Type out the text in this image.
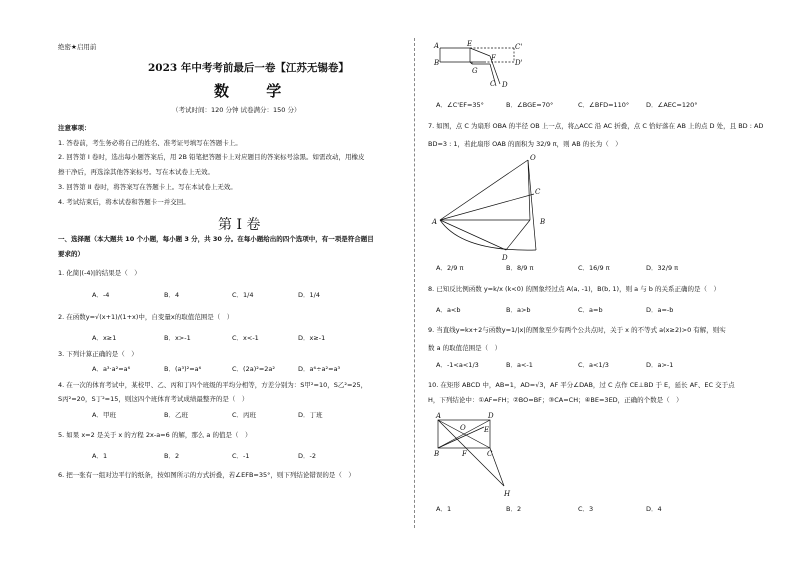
绝密★启用前
2023 年中考考前最后一卷【江苏无锡卷】
数 学
（考试时间：120 分钟 试卷满分：150 分）
注意事项：
1. 答卷前，考生务必将自己的姓名、准考证号填写在答题卡上。
2. 回答第 I 卷时，选出每小题答案后，用 2B 铅笔把答题卡上对应题目的答案标号涂黑。如需改动，用橡皮
擦干净后，再选涂其他答案标号。写在本试卷上无效。
3. 回答第 II 卷时，将答案写在答题卡上。写在本试卷上无效。
4. 考试结束后，将本试卷和答题卡一并交回。
第 I 卷
一、选择题（本大题共 10 个小题，每小题 3 分，共 30 分。在每小题给出的四个选项中，有一项是符合题目
要求的）
1. 化简|(-4)|的结果是（　）
A．-4	B．4	C．1/4	D．1/4
2. 在函数y=√(x+1)/(1+x)中，自变量x的取值范围是（　）
A．x≥1	B．x>-1	C．x<-1	D．x≥-1
3. 下列计算正确的是（　）
A．a³·a²=a⁶	B．(a³)²=a⁶	C．(2a)²=2a²	D．a⁶÷a²=a³
4. 在一次的体育考试中，某校甲、乙、丙和丁四个班级的平均分相等，方差分别为：S甲²=10，S乙²=25，
S丙²=20，S丁²=15，则这四个班体育考试成绩最整齐的是（　）
A．甲班	B．乙班	C．丙班	D．丁班
5. 如果 x=2 是关于 x 的方程 2x-a=6 的解，那么 a 的值是（　）
A．1	B．2	C．-1	D．-2
6. 把一张有一组对边平行的纸条，按如图所示的方式折叠，若∠EFB=35°，则下列结论错误的是（　）
A	E	C'
B
G
F
D'
C D
A．∠C'EF=35°	B．∠BGE=70°	C．∠BFD=110°	D．∠AEC=120°
7. 如图，点 C 为扇形 OBA 的半径 OB 上一点，将△ACC 沿 AC 折叠，点 C 恰好落在 AB 上的点 D 处，且 BD : AD
BD=3 : 1，若此扇形 OAB 的面积为 32/9 π，则 AB 的长为（　）
O
C
A	B
D
A．2/9 π	B．8/9 π	C．16/9 π	D．32/9 π
8. 已知反比例函数 y=k/x (k<0) 的图象经过点 A(a, -1)，B(b, 1)，则 a 与 b 的关系正确的是（　）
A．a<b	B．a>b	C．a=b	D．a=-b
9. 当直线y=kx+2与函数y=1/|x|的图象至少有两个公共点时，关于 x 的不等式 a(x≥2)>0 有解，则实
数 a 的取值范围是（　）
A．-1<a<1/3	B．a<-1	C．a<1/3	D．a>-1
10. 在矩形 ABCD 中，AB=1，AD=√3，AF 平分∠DAB，过 C 点作 CE⊥BD 于 E，延长 AF、EC 交于点
H，下列结论中：①AF=FH；②BO=BF；③CA=CH；④BE=3ED，正确的个数是（　）
A	D
O	E
B	F	C
H
A．1	B．2	C．3	D．4
